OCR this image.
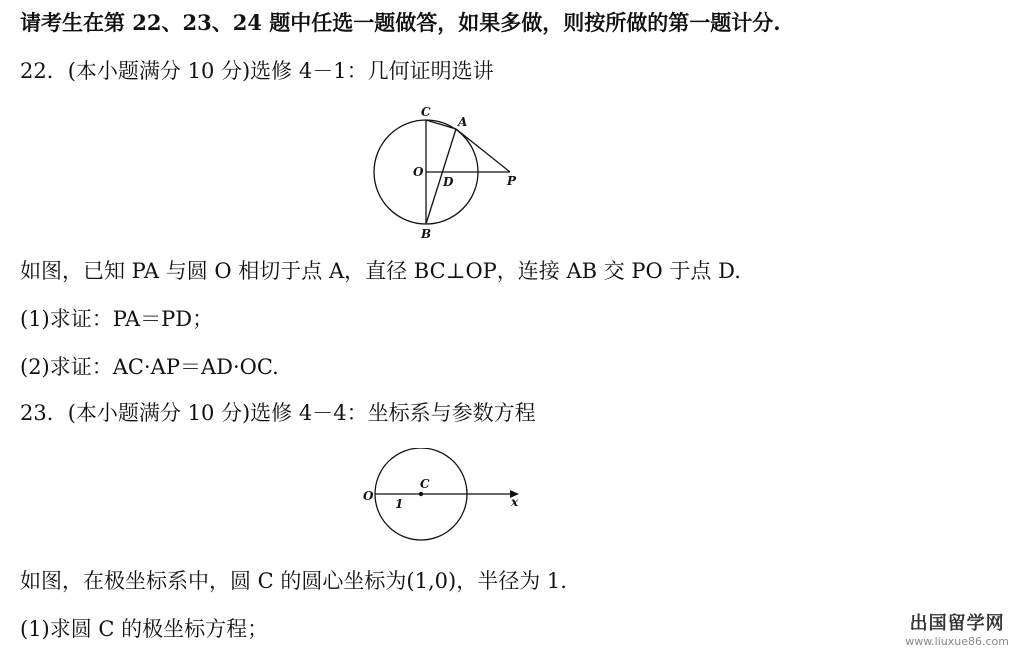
请考生在第 22、23、24 题中任选一题做答，如果多做，则按所做的第一题计分.
22．(本小题满分 10 分)选修 4－1：几何证明选讲
C
A
O
D	P
B
如图，已知 PA 与圆 O 相切于点 A，直径 BC⊥OP，连接 AB 交 PO 于点 D.
(1)求证：PA＝PD；
(2)求证：AC·AP＝AD·OC.
23．(本小题满分 10 分)选修 4－4：坐标系与参数方程
O
C
1	x
如图，在极坐标系中，圆 C 的圆心坐标为(1,0)，半径为 1.
(1)求圆 C 的极坐标方程；	出国留学网
www.liuxue86.com
